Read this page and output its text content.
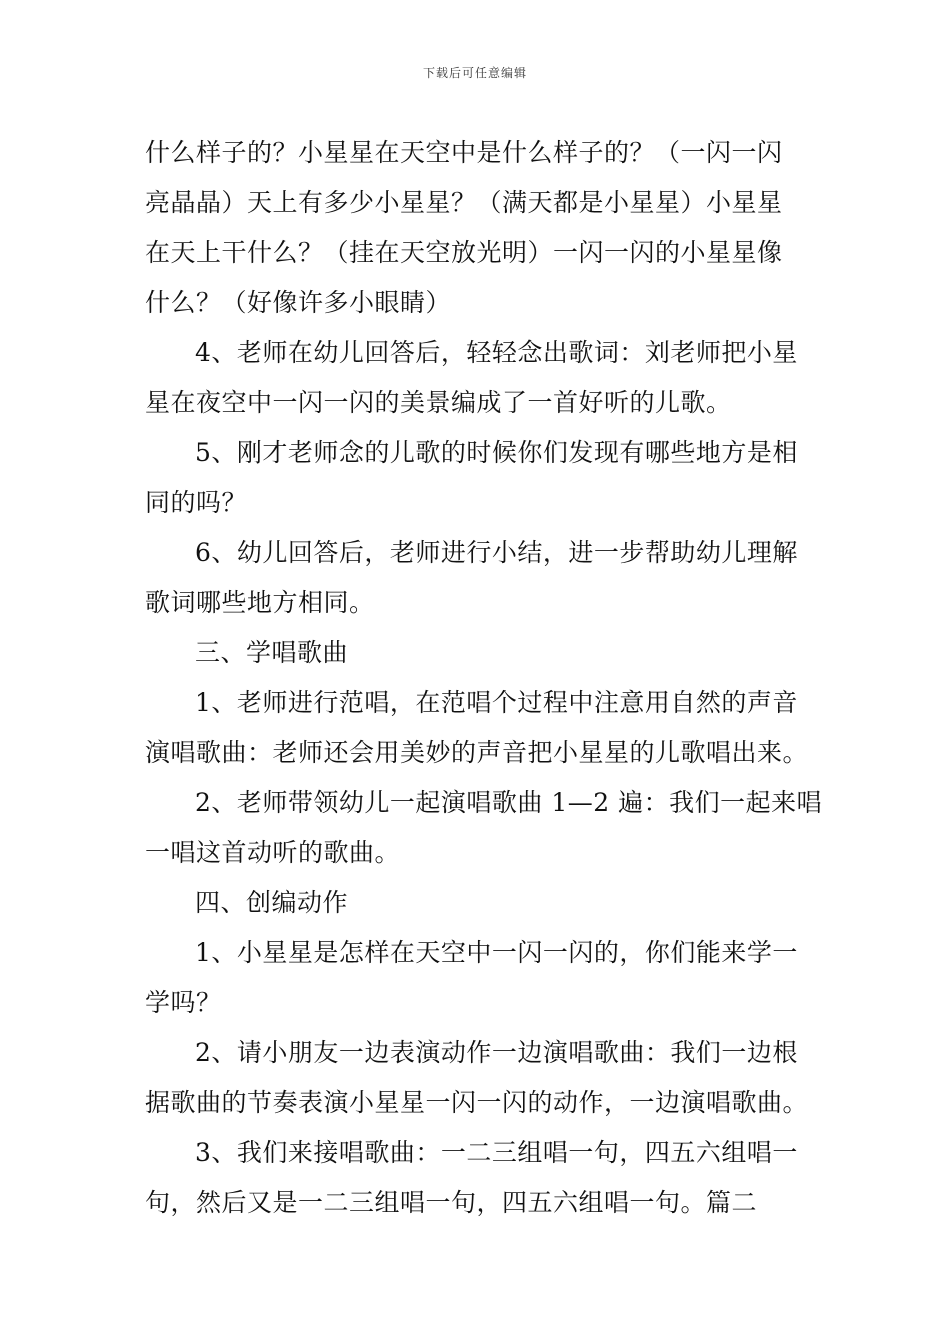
下载后可任意编辑
什么样子的？小星星在天空中是什么样子的？（一闪一闪
亮晶晶）天上有多少小星星？（满天都是小星星）小星星
在天上干什么？（挂在天空放光明）一闪一闪的小星星像
什么？（好像许多小眼睛）
4、老师在幼儿回答后，轻轻念出歌词：刘老师把小星
星在夜空中一闪一闪的美景编成了一首好听的儿歌。
5、刚才老师念的儿歌的时候你们发现有哪些地方是相
同的吗？
6、幼儿回答后，老师进行小结，进一步帮助幼儿理解
歌词哪些地方相同。
三、学唱歌曲
1、老师进行范唱，在范唱个过程中注意用自然的声音
演唱歌曲：老师还会用美妙的声音把小星星的儿歌唱出来。
2、老师带领幼儿一起演唱歌曲 1—2 遍：我们一起来唱
一唱这首动听的歌曲。
四、创编动作
1、小星星是怎样在天空中一闪一闪的，你们能来学一
学吗？
2、请小朋友一边表演动作一边演唱歌曲：我们一边根
据歌曲的节奏表演小星星一闪一闪的动作，一边演唱歌曲。
3、我们来接唱歌曲：一二三组唱一句，四五六组唱一
句，然后又是一二三组唱一句，四五六组唱一句。篇二
